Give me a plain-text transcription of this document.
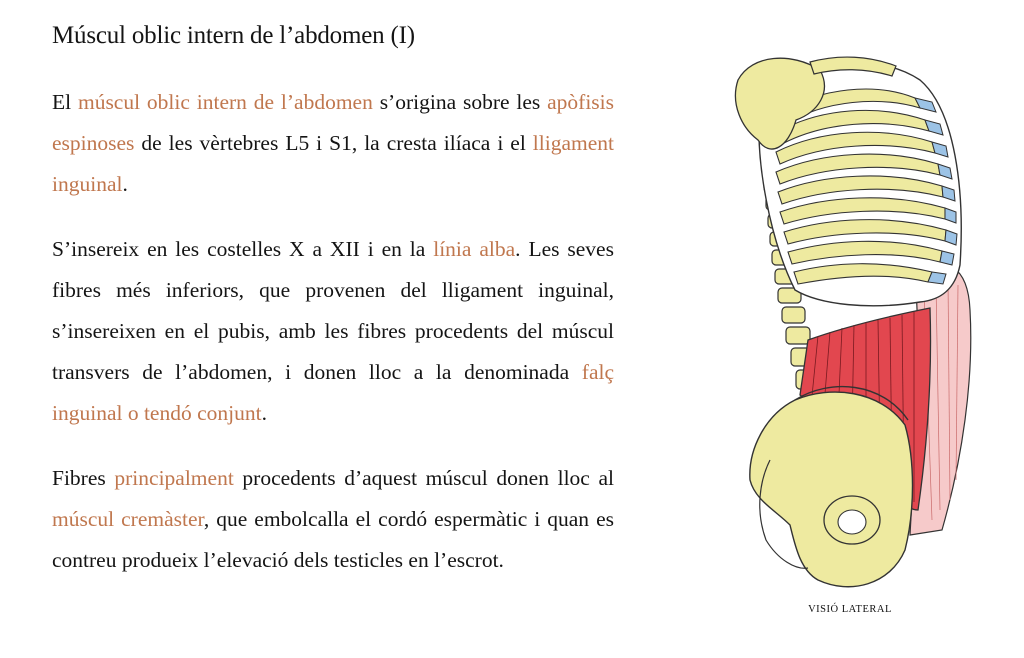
Múscul oblic intern de l’abdomen (I)

El múscul oblic intern de l’abdomen s’origina sobre les apòfisis espinoses de les vèrtebres L5 i S1, la cresta ilíaca i el lligament inguinal.

S’insereix en les costelles X a XII i en la línia alba. Les seves fibres més inferiors, que provenen del lligament inguinal, s’insereixen en el pubis, amb les fibres procedents del múscul transvers de l’abdomen, i donen lloc a la denominada falç inguinal o tendó conjunt.

Fibres principalment procedents d’aquest múscul donen lloc al múscul cremàster, que embolcalla el cordó espermàtic i quan es contreu produeix l’elevació dels testicles en l’escrot.

VISIÓ LATERAL
